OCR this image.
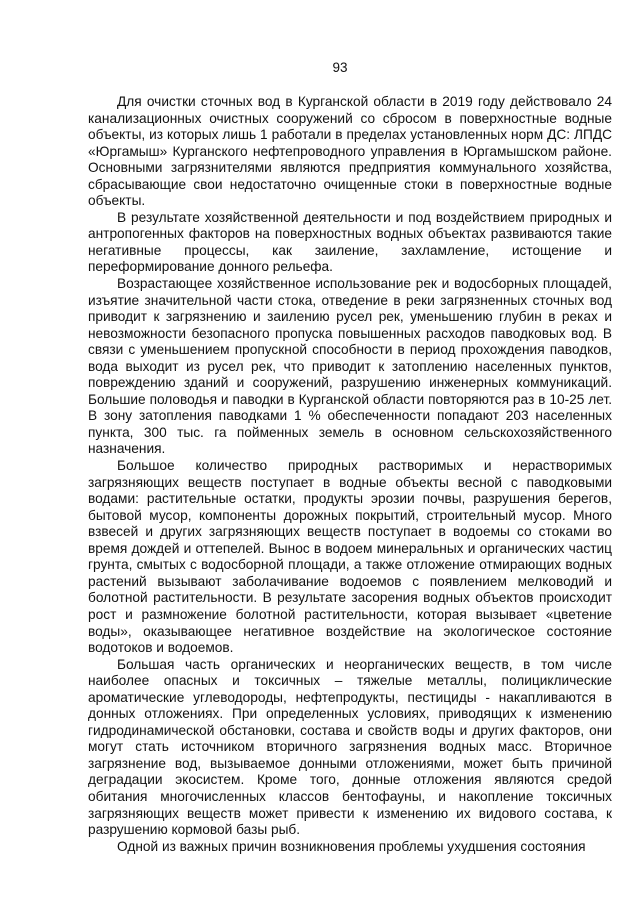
93

Для очистки сточных вод в Курганской области в 2019 году действовало 24 канализационных очистных сооружений со сбросом в поверхностные водные объекты, из которых лишь 1 работали в пределах установленных норм ДС: ЛПДС «Юргамыш» Курганского нефтепроводного управления в Юргамышском районе. Основными загрязнителями являются предприятия коммунального хозяйства, сбрасывающие свои недостаточно очищенные стоки в поверхностные водные объекты.

В результате хозяйственной деятельности и под воздействием природных и антропогенных факторов на поверхностных водных объектах развиваются такие негативные процессы, как заиление, захламление, истощение и переформирование донного рельефа.

Возрастающее хозяйственное использование рек и водосборных площадей, изъятие значительной части стока, отведение в реки загрязненных сточных вод приводит к загрязнению и заилению русел рек, уменьшению глубин в реках и невозможности безопасного пропуска повышенных расходов паводковых вод. В связи с уменьшением пропускной способности в период прохождения паводков, вода выходит из русел рек, что приводит к затоплению населенных пунктов, повреждению зданий и сооружений, разрушению инженерных коммуникаций. Большие половодья и паводки в Курганской области повторяются раз в 10-25 лет. В зону затопления паводками 1 % обеспеченности попадают 203 населенных пункта, 300 тыс. га пойменных земель в основном сельскохозяйственного назначения.

Большое количество природных растворимых и нерастворимых загрязняющих веществ поступает в водные объекты весной с паводковыми водами: растительные остатки, продукты эрозии почвы, разрушения берегов, бытовой мусор, компоненты дорожных покрытий, строительный мусор. Много взвесей и других загрязняющих веществ поступает в водоемы со стоками во время дождей и оттепелей. Вынос в водоем минеральных и органических частиц грунта, смытых с водосборной площади, а также отложение отмирающих водных растений вызывают заболачивание водоемов с появлением мелководий и болотной растительности. В результате засорения водных объектов происходит рост и размножение болотной растительности, которая вызывает «цветение воды», оказывающее негативное воздействие на экологическое состояние водотоков и водоемов.

Большая часть органических и неорганических веществ, в том числе наиболее опасных и токсичных – тяжелые металлы, полициклические ароматические углеводороды, нефтепродукты, пестициды - накапливаются в донных отложениях. При определенных условиях, приводящих к изменению гидродинамической обстановки, состава и свойств воды и других факторов, они могут стать источником вторичного загрязнения водных масс. Вторичное загрязнение вод, вызываемое донными отложениями, может быть причиной деградации экосистем. Кроме того, донные отложения являются средой обитания многочисленных классов бентофауны, и накопление токсичных загрязняющих веществ может привести к изменению их видового состава, к разрушению кормовой базы рыб.

Одной из важных причин возникновения проблемы ухудшения состояния
